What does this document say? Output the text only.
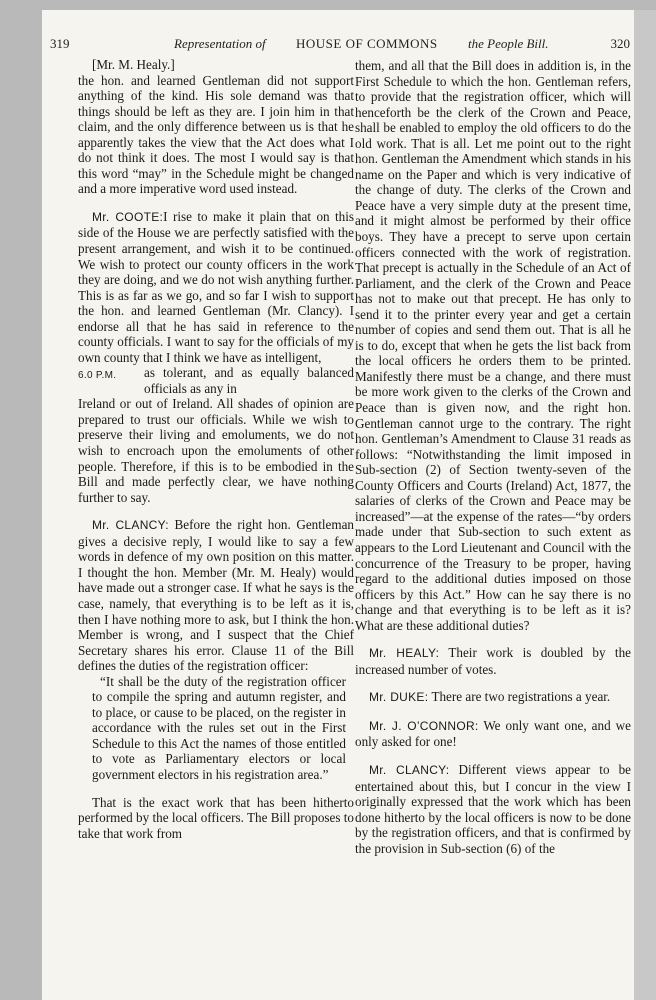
319	Representation of HOUSE OF COMMONS the People Bill.	320

[Mr. M. Healy.]

the hon. and learned Gentleman did not support anything of the kind. His sole demand was that things should be left as they are. I join him in that claim, and the only difference between us is that he apparently takes the view that the Act does what I do not think it does. The most I would say is that this word “may” in the Schedule might be changed and a more imperative word used instead.

Mr. COOTE:I rise to make it plain that on this side of the House we are perfectly satisfied with the present arrangement, and wish it to be continued. We wish to protect our county officers in the work they are doing, and we do not wish anything further. This is as far as we go, and so far I wish to support the hon. and learned Gentleman (Mr. Clancy). I endorse all that he has said in reference to the county officials. I want to say for the officials of my own county that I think we have as intelligent,

6.0 P.M. as tolerant, and as equally balanced officials as any in

Ireland or out of Ireland. All shades of opinion are prepared to trust our officials. While we wish to preserve their living and emoluments, we do not wish to encroach upon the emoluments of other people. Therefore, if this is to be embodied in the Bill and made perfectly clear, we have nothing further to say.

Mr. CLANCY: Before the right hon. Gentleman gives a decisive reply, I would like to say a few words in defence of my own position on this matter. I thought the hon. Member (Mr. M. Healy) would have made out a stronger case. If what he says is the case, namely, that everything is to be left as it is, then I have nothing more to ask, but I think the hon. Member is wrong, and I suspect that the Chief Secretary shares his error. Clause 11 of the Bill defines the duties of the registration officer:

“It shall be the duty of the registration officer to compile the spring and autumn register, and to place, or cause to be placed, on the register in accordance with the rules set out in the First Schedule to this Act the names of those entitled to vote as Parliamentary electors or local government electors in his registration area.”

That is the exact work that has been hitherto performed by the local officers. The Bill proposes to take that work from

them, and all that the Bill does in addition is, in the First Schedule to which the hon. Gentleman refers, to provide that the registration officer, which will henceforth be the clerk of the Crown and Peace, shall be enabled to employ the old officers to do the old work. That is all. Let me point out to the right hon. Gentleman the Amendment which stands in his name on the Paper and which is very indicative of the change of duty. The clerks of the Crown and Peace have a very simple duty at the present time, and it might almost be performed by their office boys. They have a precept to serve upon certain officers connected with the work of registration. That precept is actually in the Schedule of an Act of Parliament, and the clerk of the Crown and Peace has not to make out that precept. He has only to send it to the printer every year and get a certain number of copies and send them out. That is all he is to do, except that when he gets the list back from the local officers he orders them to be printed. Manifestly there must be a change, and there must be more work given to the clerks of the Crown and Peace than is given now, and the right hon. Gentleman cannot urge to the contrary. The right hon. Gentleman’s Amendment to Clause 31 reads as follows: “Notwithstanding the limit imposed in Sub-section (2) of Section twenty-seven of the County Officers and Courts (Ireland) Act, 1877, the salaries of clerks of the Crown and Peace may be increased”—at the expense of the rates—“by orders made under that Sub-section to such extent as appears to the Lord Lieutenant and Council with the concurrence of the Treasury to be proper, having regard to the additional duties imposed on those officers by this Act.” How can he say there is no change and that everything is to be left as it is? What are these additional duties?

Mr. HEALY: Their work is doubled by the increased number of votes.

Mr. DUKE: There are two registrations a year.

Mr. J. O’CONNOR: We only want one, and we only asked for one!

Mr. CLANCY: Different views appear to be entertained about this, but I concur in the view I originally expressed that the work which has been done hitherto by the local officers is now to be done by the registration officers, and that is confirmed by the provision in Sub-section (6) of the
